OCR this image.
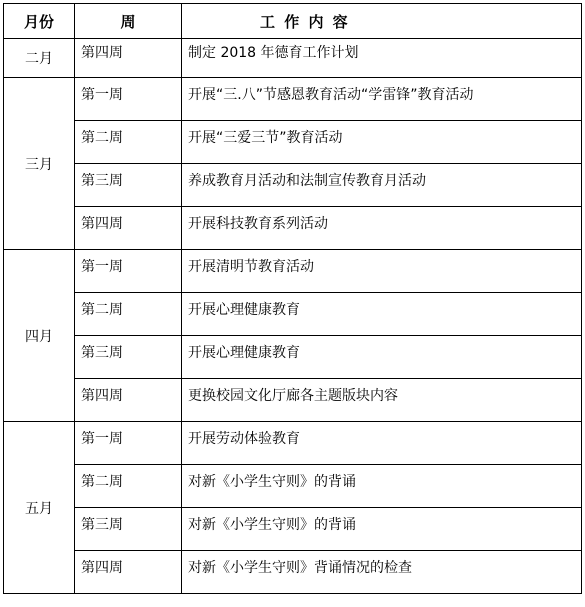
月份	周	工 作 内 容
二月	第四周	制定 2018 年德育工作计划
三月	第一周	开展“三.八”节感恩教育活动“学雷锋”教育活动
	第二周	开展“三爱三节”教育活动
	第三周	养成教育月活动和法制宣传教育月活动
	第四周	开展科技教育系列活动
四月	第一周	开展清明节教育活动
	第二周	开展心理健康教育
	第三周	开展心理健康教育
	第四周	更换校园文化厅廊各主题版块内容
五月	第一周	开展劳动体验教育
	第二周	对新《小学生守则》的背诵
	第三周	对新《小学生守则》的背诵
	第四周	对新《小学生守则》背诵情况的检查
